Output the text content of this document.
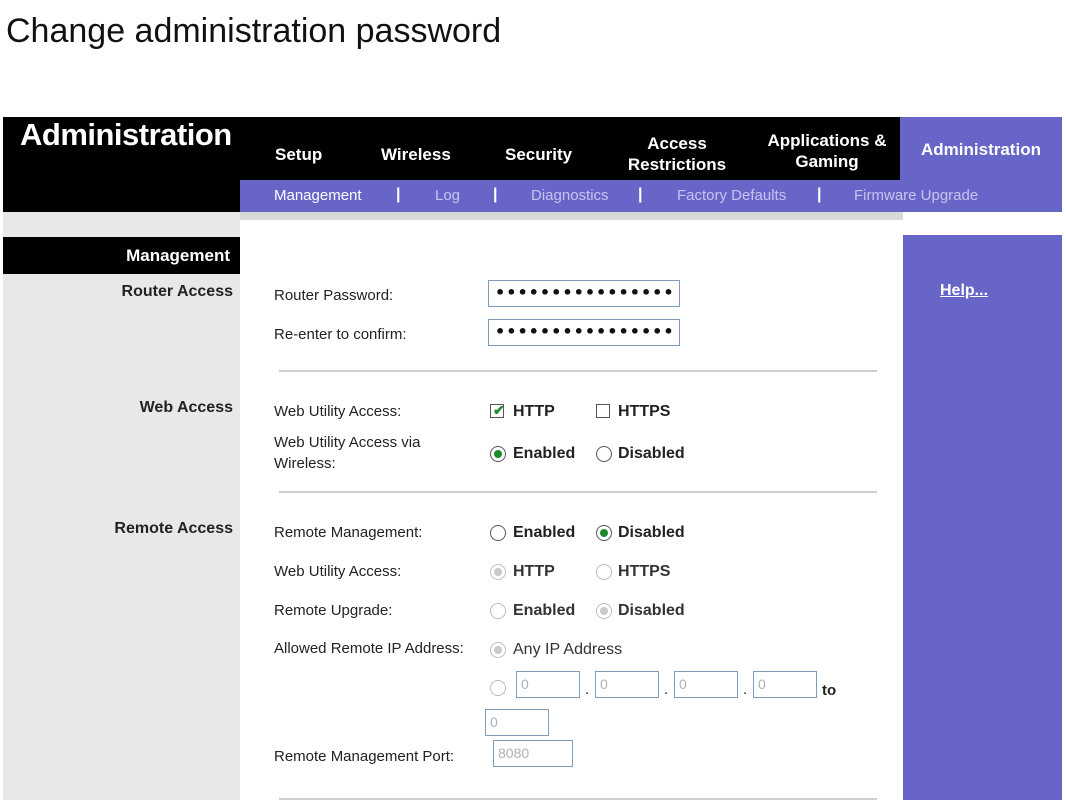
Change administration password
Administration
Setup	Wireless	Security
Access
Restrictions
Applications &
Gaming
Administration
Management | Log | Diagnostics | Factory Defaults | Firmware Upgrade
Management
Router Access
Web Access
Remote Access
Router Password:	••••••••••••••••
Re-enter to confirm:	••••••••••••••••
Web Utility Access:	✔ HTTP	HTTPS
Web Utility Access via Wireless:
Enabled	Disabled
Remote Management:	Enabled	Disabled
Web Utility Access:	HTTP	HTTPS
Remote Upgrade:	Enabled	Disabled
Allowed Remote IP Address:	Any IP Address
0	. 0	. 0	. 0	to
0
Remote Management Port:	8080
Help...
